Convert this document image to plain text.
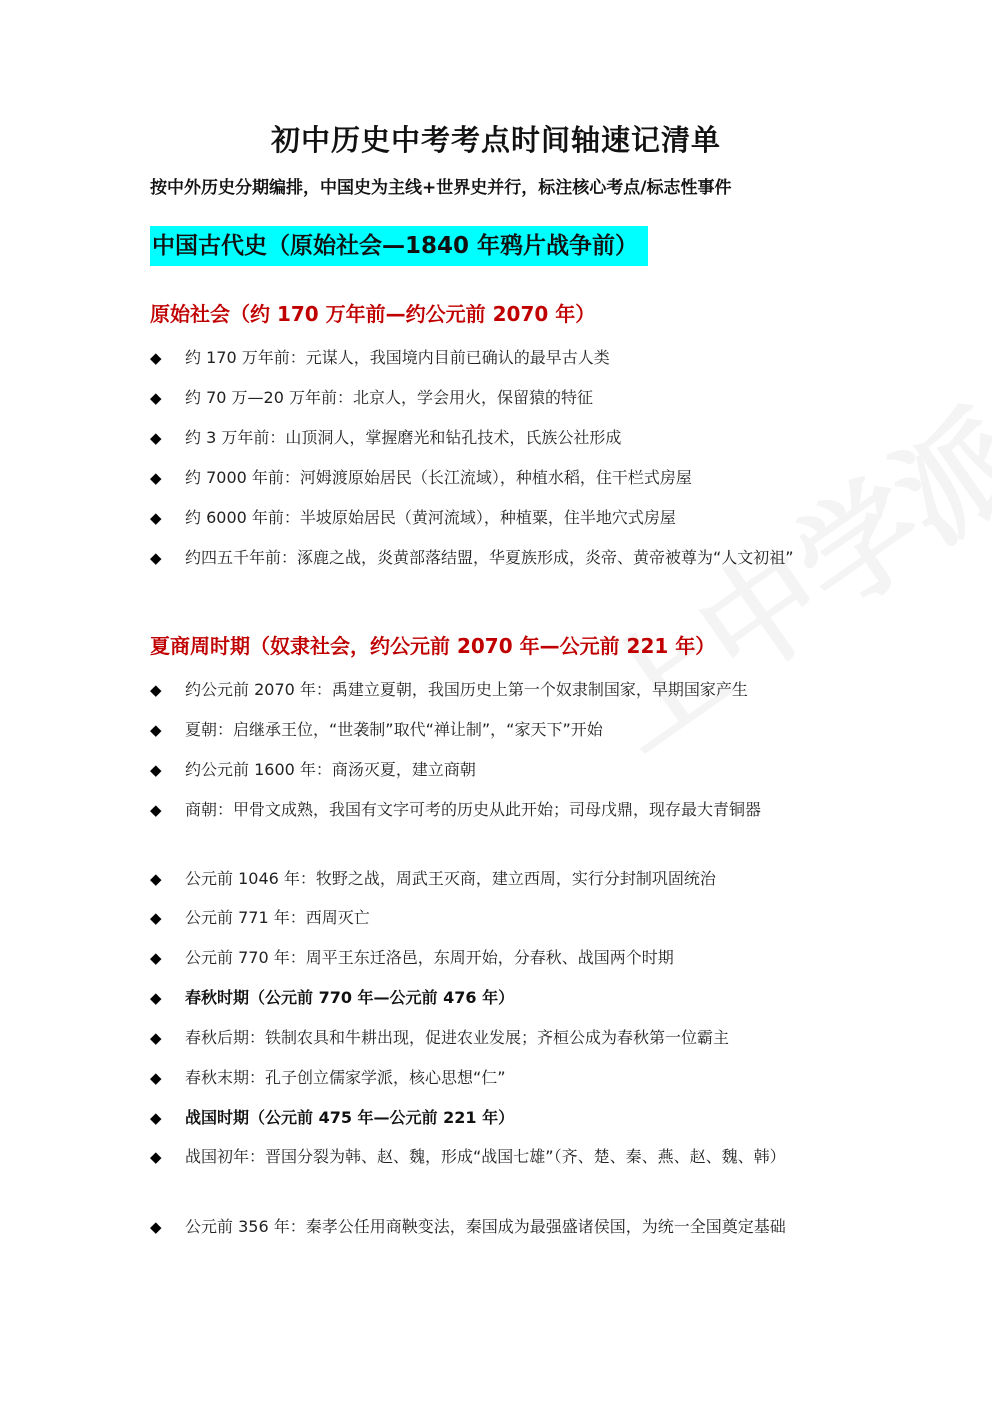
初中历史中考考点时间轴速记清单
按中外历史分期编排，中国史为主线+世界史并行，标注核心考点/标志性事件
中国古代史（原始社会—1840 年鸦片战争前）
原始社会（约 170 万年前—约公元前 2070 年）
◆	约 170 万年前：元谋人，我国境内目前已确认的最早古人类
◆	约 70 万—20 万年前：北京人，学会用火，保留猿的特征
◆	约 3 万年前：山顶洞人，掌握磨光和钻孔技术，氏族公社形成
◆	约 7000 年前：河姆渡原始居民（长江流域），种植水稻，住干栏式房屋
◆	约 6000 年前：半坡原始居民（黄河流域），种植粟，住半地穴式房屋
◆	约四五千年前：涿鹿之战，炎黄部落结盟，华夏族形成，炎帝、黄帝被尊为“人文初祖”
夏商周时期（奴隶社会，约公元前 2070 年—公元前 221 年）
◆	约公元前 2070 年：禹建立夏朝，我国历史上第一个奴隶制国家，早期国家产生
◆	夏朝：启继承王位，“世袭制”取代“禅让制”，“家天下”开始
◆	约公元前 1600 年：商汤灭夏，建立商朝
◆	商朝：甲骨文成熟，我国有文字可考的历史从此开始；司母戊鼎，现存最大青铜器
◆	公元前 1046 年：牧野之战，周武王灭商，建立西周，实行分封制巩固统治
◆	公元前 771 年：西周灭亡
◆	公元前 770 年：周平王东迁洛邑，东周开始，分春秋、战国两个时期
◆	春秋时期（公元前 770 年—公元前 476 年）
◆	春秋后期：铁制农具和牛耕出现，促进农业发展；齐桓公成为春秋第一位霸主
◆	春秋末期：孔子创立儒家学派，核心思想“仁”
◆	战国时期（公元前 475 年—公元前 221 年）
◆	战国初年：晋国分裂为韩、赵、魏，形成“战国七雄”（齐、楚、秦、燕、赵、魏、韩）
◆	公元前 356 年：秦孝公任用商鞅变法，秦国成为最强盛诸侯国，为统一全国奠定基础
